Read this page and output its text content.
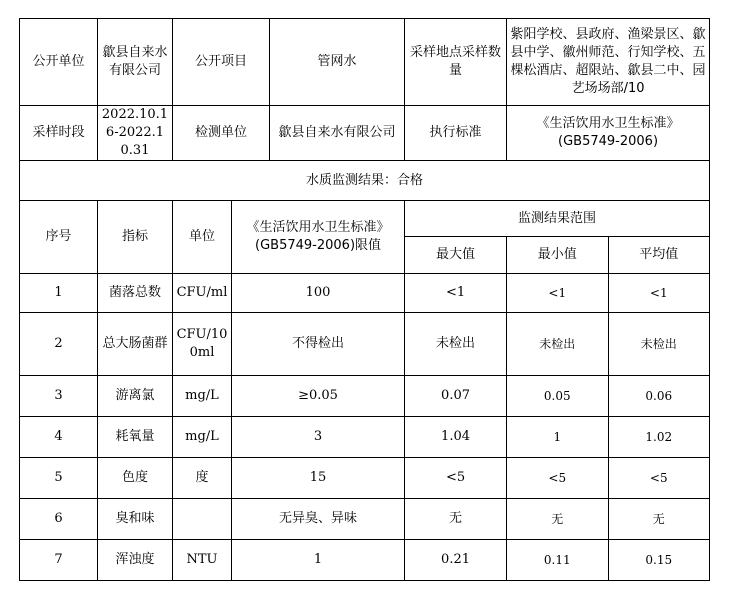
公开单位	歙县自来水有限公司	公开项目		管网水	采样地点采样数量	紫阳学校、县政府、渔梁景区、歙县中学、徽州师范、行知学校、五棵松酒店、超限站、歙县二中、园艺场场部/10
采样时段	2022.10.16-2022.10.31	检测单位		歙县自来水有限公司	执行标准	《生活饮用水卫生标准》
(GB5749-2006)

水质监测结果：合格						
序号	指标	单位	《生活饮用水卫生标准》
(GB5749-2006)限值		监测结果范围	
					最大值	最小值 平均值

1	菌落总数	CFU/ml	100		<1	<1 <1

2	总大肠菌群	CFU/100ml	不得检出		未检出	未检出 未检出

3	游离氯	mg/L	≥0.05		0.07	0.05 0.06

4	耗氧量	mg/L	3		1.04	1 1.02

5	色度	度	15		<5	<5 <5

6	臭和味		无异臭、异味		无	无 无

7	浑浊度	NTU	1		0.21	0.11 0.15
